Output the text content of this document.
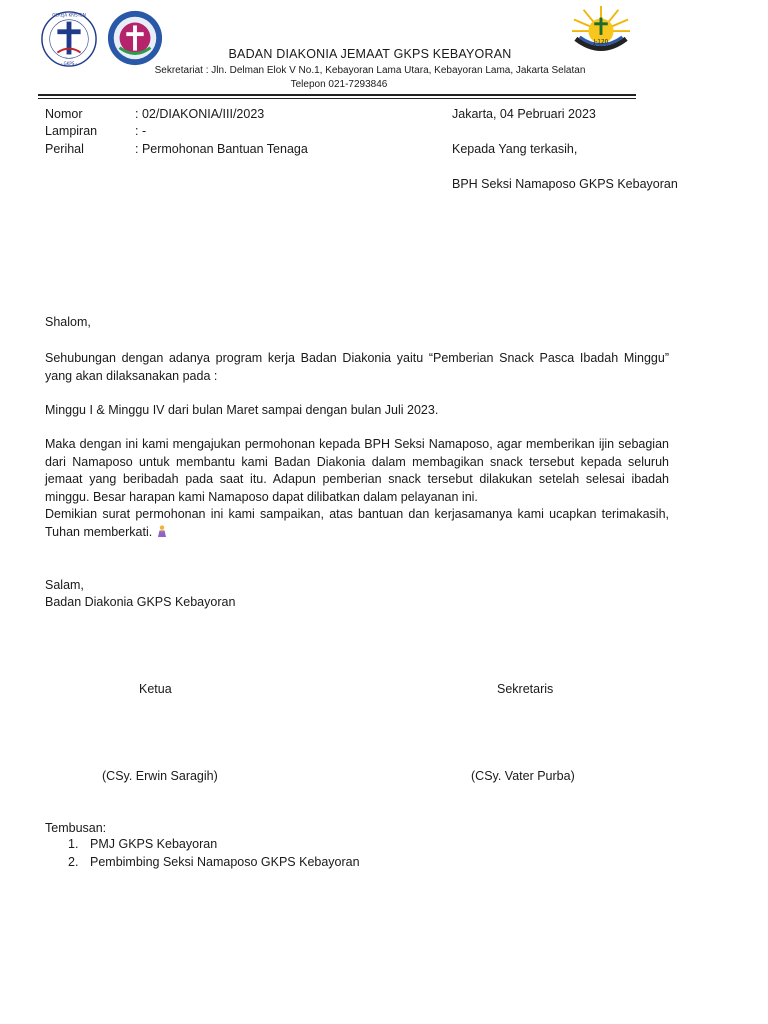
GEREJA KRISTEN
- GKPS -
J-120
BADAN DIAKONIA JEMAAT GKPS KEBAYORAN
Sekretariat : Jln. Delman Elok V No.1, Kebayoran Lama Utara, Kebayoran Lama, Jakarta Selatan
Telepon 021-7293846
Nomor	: 02/DIAKONIA/III/2023
Lampiran	: -
Perihal	: Permohonan Bantuan Tenaga
Jakarta, 04 Pebruari 2023
Kepada Yang terkasih,
BPH Seksi Namaposo GKPS Kebayoran
Shalom,
Sehubungan dengan adanya program kerja Badan Diakonia yaitu “Pemberian Snack Pasca Ibadah Minggu” yang akan dilaksanakan pada :
Minggu I & Minggu IV dari bulan Maret sampai dengan bulan Juli 2023.
Maka dengan ini kami mengajukan permohonan kepada BPH Seksi Namaposo, agar memberikan ijin sebagian dari Namaposo untuk membantu kami Badan Diakonia dalam membagikan snack tersebut kepada seluruh jemaat yang beribadah pada saat itu. Adapun pemberian snack tersebut dilakukan setelah selesai ibadah minggu. Besar harapan kami Namaposo dapat dilibatkan dalam pelayanan ini.
Demikian surat permohonan ini kami sampaikan, atas bantuan dan kerjasamanya kami ucapkan terimakasih, Tuhan memberkati.
Salam,
Badan Diakonia GKPS Kebayoran
Ketua	Sekretaris
(CSy. Erwin Saragih)	(CSy. Vater Purba)
Tembusan:
1. PMJ GKPS Kebayoran
2. Pembimbing Seksi Namaposo GKPS Kebayoran
